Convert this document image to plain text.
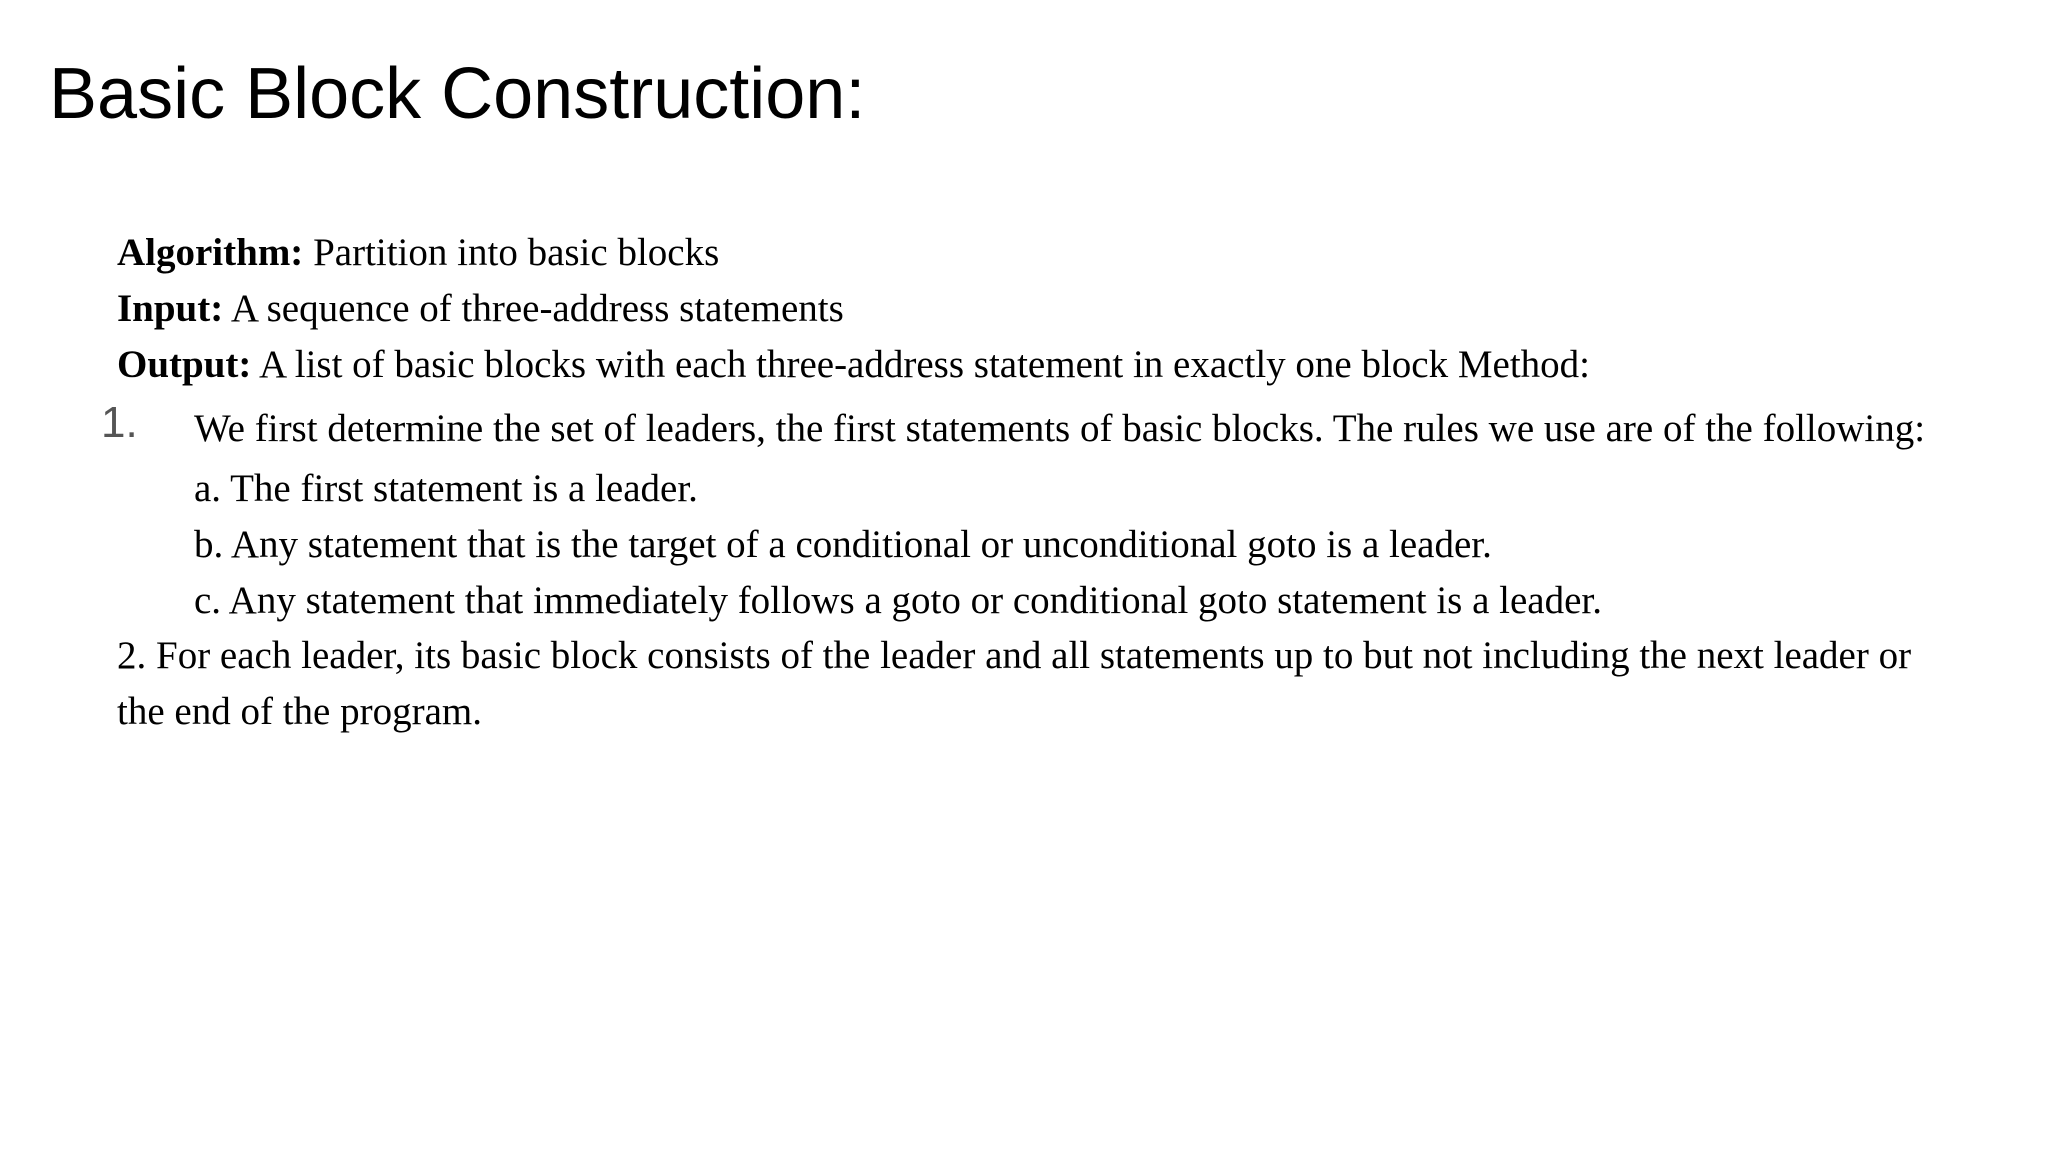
Basic Block Construction:
Algorithm: Partition into basic blocks
Input: A sequence of three-address statements
Output: A list of basic blocks with each three-address statement in exactly one block Method:
1. We first determine the set of leaders, the first statements of basic blocks. The rules we use are of the following:
a. The first statement is a leader.
b. Any statement that is the target of a conditional or unconditional goto is a leader.
c. Any statement that immediately follows a goto or conditional goto statement is a leader.
2. For each leader, its basic block consists of the leader and all statements up to but not including the next leader or
the end of the program.
